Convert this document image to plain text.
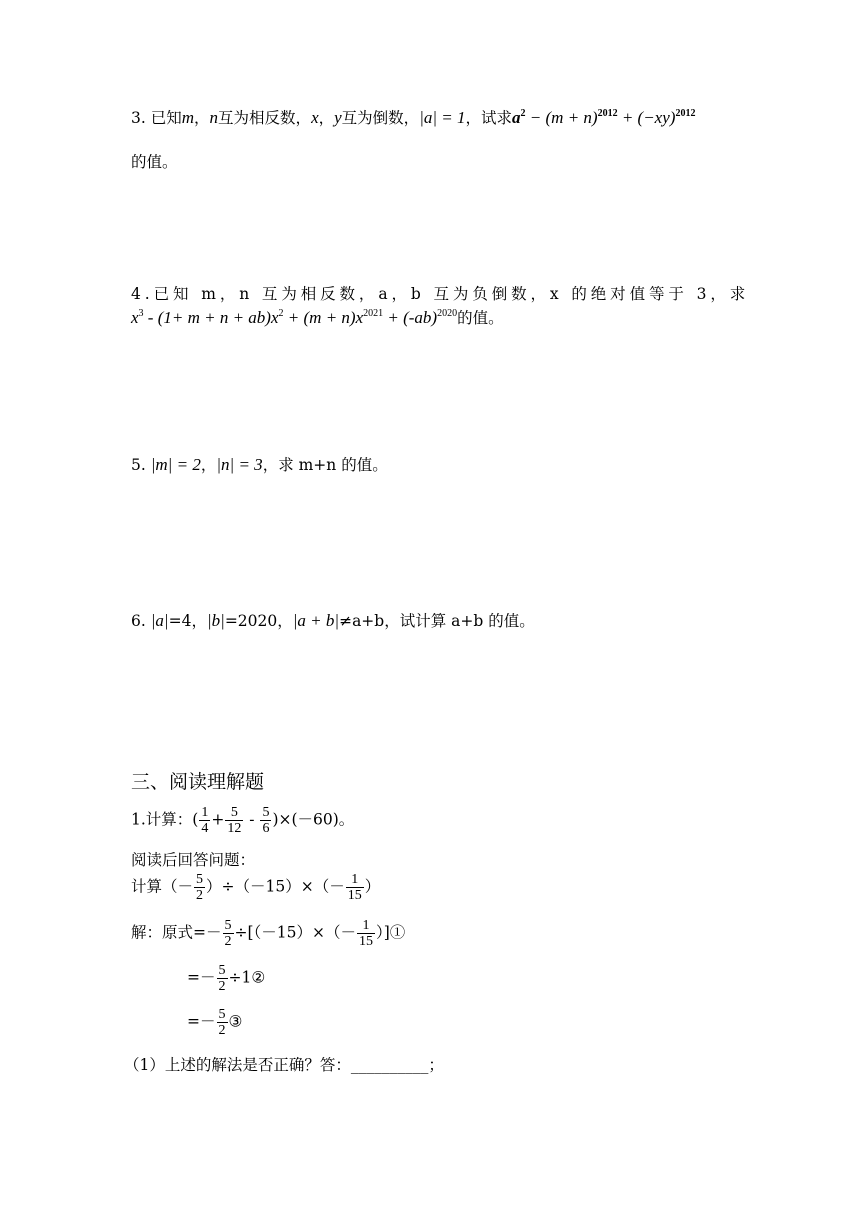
3. 已知m，n互为相反数，x，y互为倒数，|a| = 1，试求$a^2 - (m + n)^{2012} + (-xy)^{2012}$
的值。
4.已知 m，n 互为相反数，a，b 互为负倒数，x 的绝对值等于 3，求
$x^3 - (1+ m + n + ab)x^2 + (m + n)x^{2021} + (-ab)^{2020}$的值。
5. |m| = 2，|n| = 3，求 m+n 的值。
6. |a|=4，|b|=2020，|a + b|≠a+b，试计算 a+b 的值。
三、阅读理解题
1.计算：( $\frac{1}{4} + \frac{5}{12} - \frac{5}{6} )\times(-60)$。
阅读后回答问题：
计算（－ $\frac{5}{2} )\div(-15)\times(- \frac{1}{15}$ ）
解：原式=－ $\frac{5}{2} \div[(-15)\times(- \frac{1}{15}$ ）]①
=－ $\frac{5}{2}$ ÷1②
=－ $\frac{5}{2}$ ③
（1）上述的解法是否正确？答：__________；
